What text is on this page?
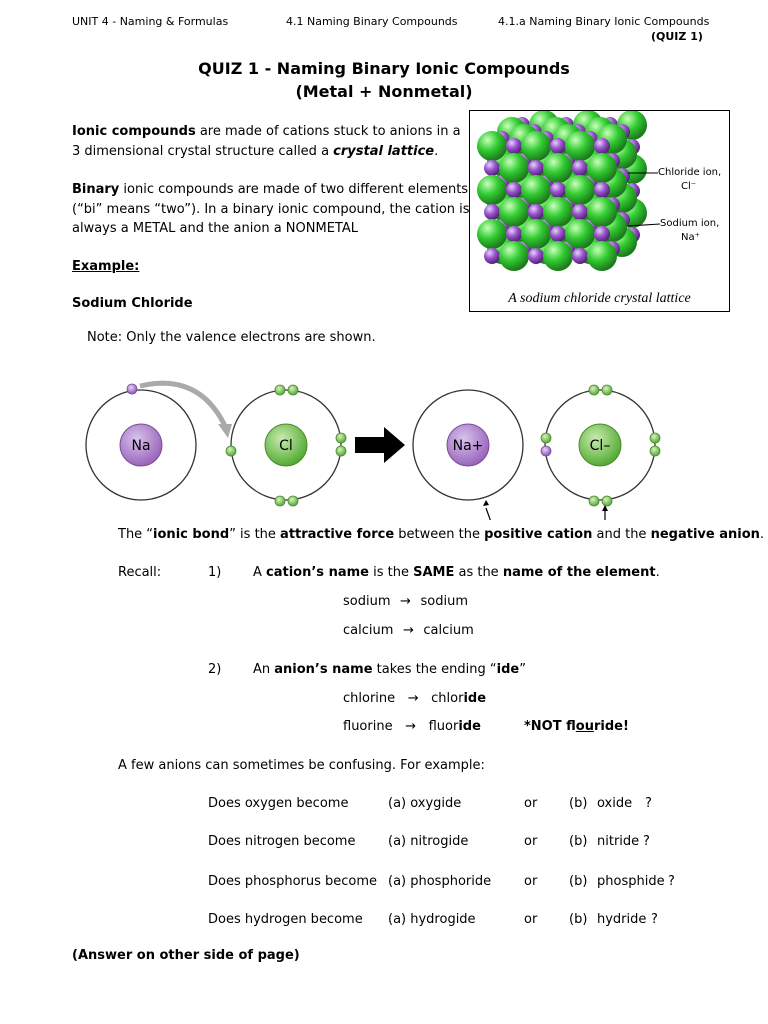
UNIT 4 - Naming & Formulas	4.1 Naming Binary Compounds	4.1.a Naming Binary Ionic Compounds
(QUIZ 1)
QUIZ 1 - Naming Binary Ionic Compounds
(Metal + Nonmetal)
Ionic compounds are made of cations stuck to anions in a
3 dimensional crystal structure called a crystal lattice.
Binary ionic compounds are made of two different elements
(“bi” means “two”). In a binary ionic compound, the cation is
always a METAL and the anion a NONMETAL
Chloride ion,
Cl⁻
Sodium ion,
Na⁺
A sodium chloride crystal lattice
Example:
Sodium Chloride
Note: Only the valence electrons are shown.
Na	Cl	Na+	Cl–
The “ionic bond” is the attractive force between the positive cation and the negative anion.
Recall:	1) A cation’s name is the SAME as the name of the element.
sodium → sodium
calcium → calcium
2) An anion’s name takes the ending “ide”
chlorine → chloride
fluorine → fluoride	*NOT flouride!
A few anions can sometimes be confusing. For example:
Does oxygen become	(a) oxygide	or (b) oxide ?
Does nitrogen become	(a) nitrogide	or (b) nitride ?
Does phosphorus become (a) phosphoride	or (b) phosphide ?
Does hydrogen become (a) hydrogide	or (b) hydride ?
(Answer on other side of page)
